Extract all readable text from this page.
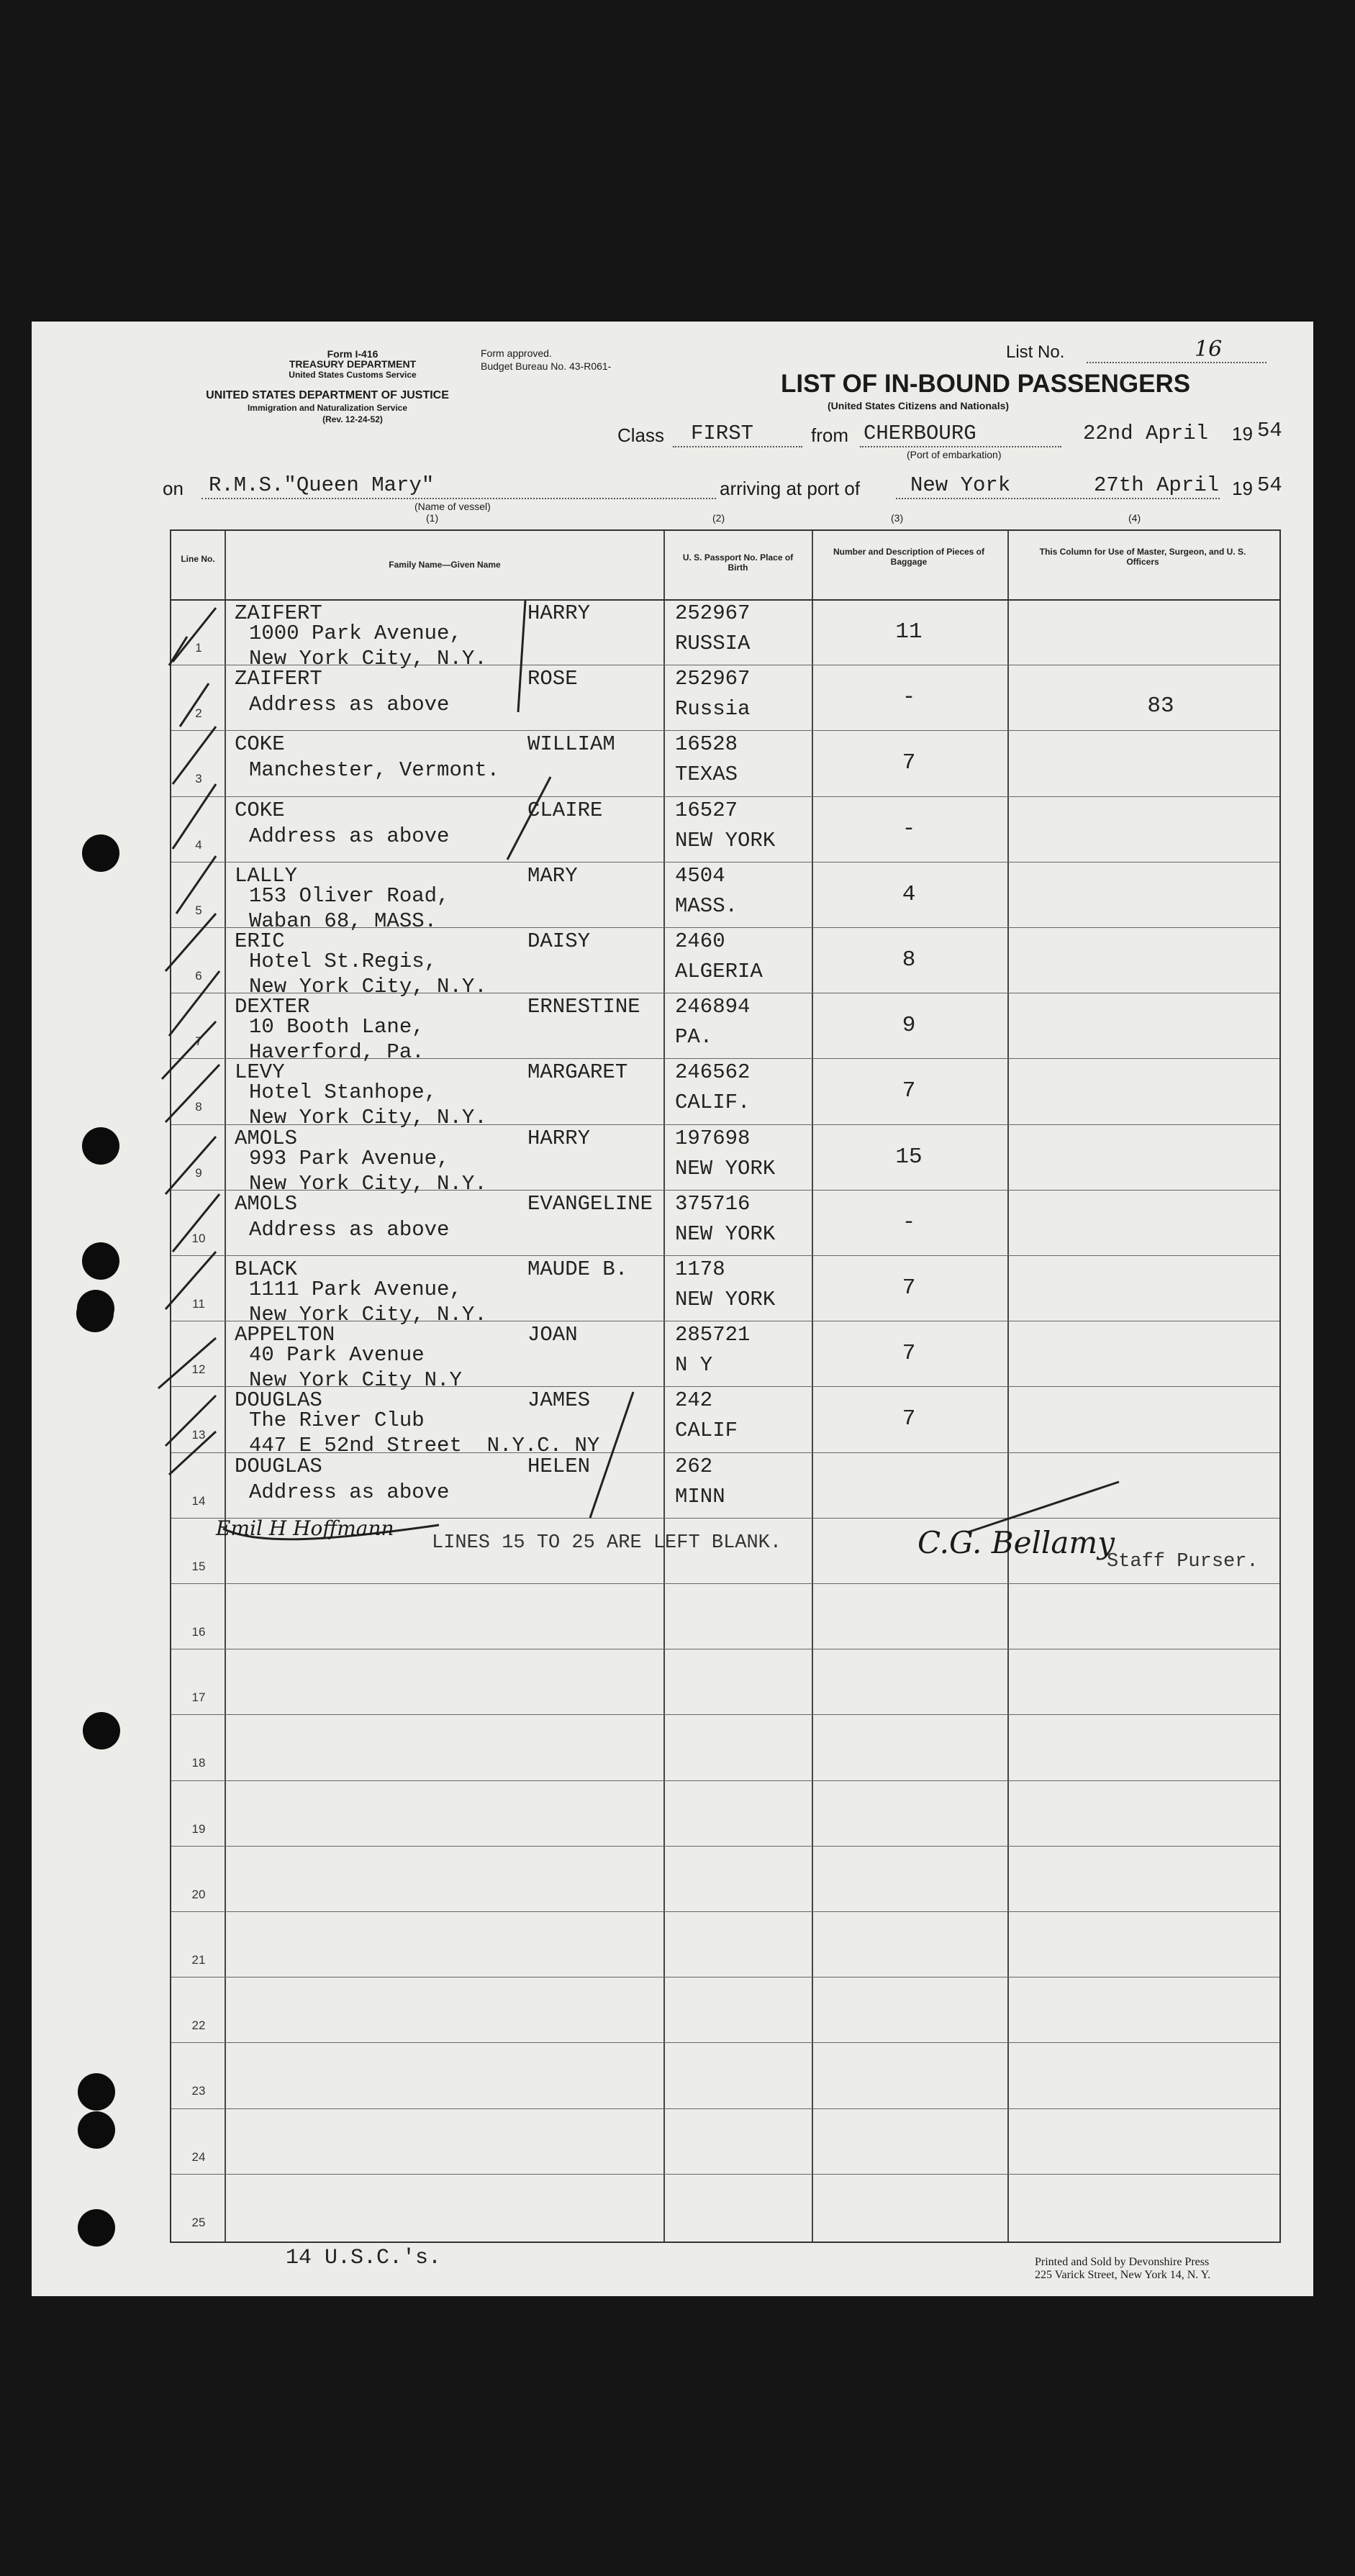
Form I-416
TREASURY DEPARTMENT
United States Customs Service
UNITED STATES DEPARTMENT OF JUSTICE
Immigration and Naturalization Service
(Rev. 12-24-52)
Form approved.
Budget Bureau No. 43-R061-
List No.	16
LIST OF IN-BOUND PASSENGERS
(United States Citizens and Nationals)
Class FIRST	from CHERBOURG
(Port of embarkation)
22nd April 19 54
on R.M.S."Queen Mary"
(Name of vessel)
(1)
arriving at port of New York	27th April 19 54
(2)	(3)	(4)
Line No.
Family Name—Given Name
U. S. Passport No. Place of Birth
Number and Description of Pieces of Baggage
This Column for Use of Master, Surgeon, and U. S. Officers
1
ZAIFERT	HARRY
1000 Park Avenue,
New York City, N.Y.
252967
RUSSIA	11
2
ZAIFERT	ROSE
Address as above
252967
Russia	-	83
3
COKE	WILLIAM
Manchester, Vermont.
16528
TEXAS	7
4
COKE	CLAIRE
Address as above
16527
NEW YORK	-
5
LALLY	MARY
153 Oliver Road,
Waban 68, MASS.
4504
MASS.	4
6
ERIC	DAISY
Hotel St.Regis,
New York City, N.Y.
2460
ALGERIA	8
7
DEXTER	ERNESTINE
10 Booth Lane,
Haverford, Pa.
246894
PA.	9
8
LEVY	MARGARET
Hotel Stanhope,
New York City, N.Y.
246562
CALIF.	7
9
AMOLS	HARRY
993 Park Avenue,
New York City, N.Y.
197698
NEW YORK	15
10
AMOLS	EVANGELINE
Address as above
375716
NEW YORK	-
11
BLACK	MAUDE B.
1111 Park Avenue,
New York City, N.Y.
1178
NEW YORK	7
12
APPELTON	JOAN
40 Park Avenue
New York City N.Y
285721
N Y	7
13
DOUGLAS	JAMES
The River Club
447 E 52nd Street  N.Y.C. NY
242
CALIF	7
14
DOUGLAS	HELEN
Address as above
262
MINN
15
16
17
18
19
20
21
22
23
24
25
LINES 15 TO 25 ARE LEFT BLANK.	C.G. Bellamy
Staff Purser.
Emil H Hoffmann
14 U.S.C.'s.	Printed and Sold by Devonshire Press
225 Varick Street, New York 14, N. Y.
